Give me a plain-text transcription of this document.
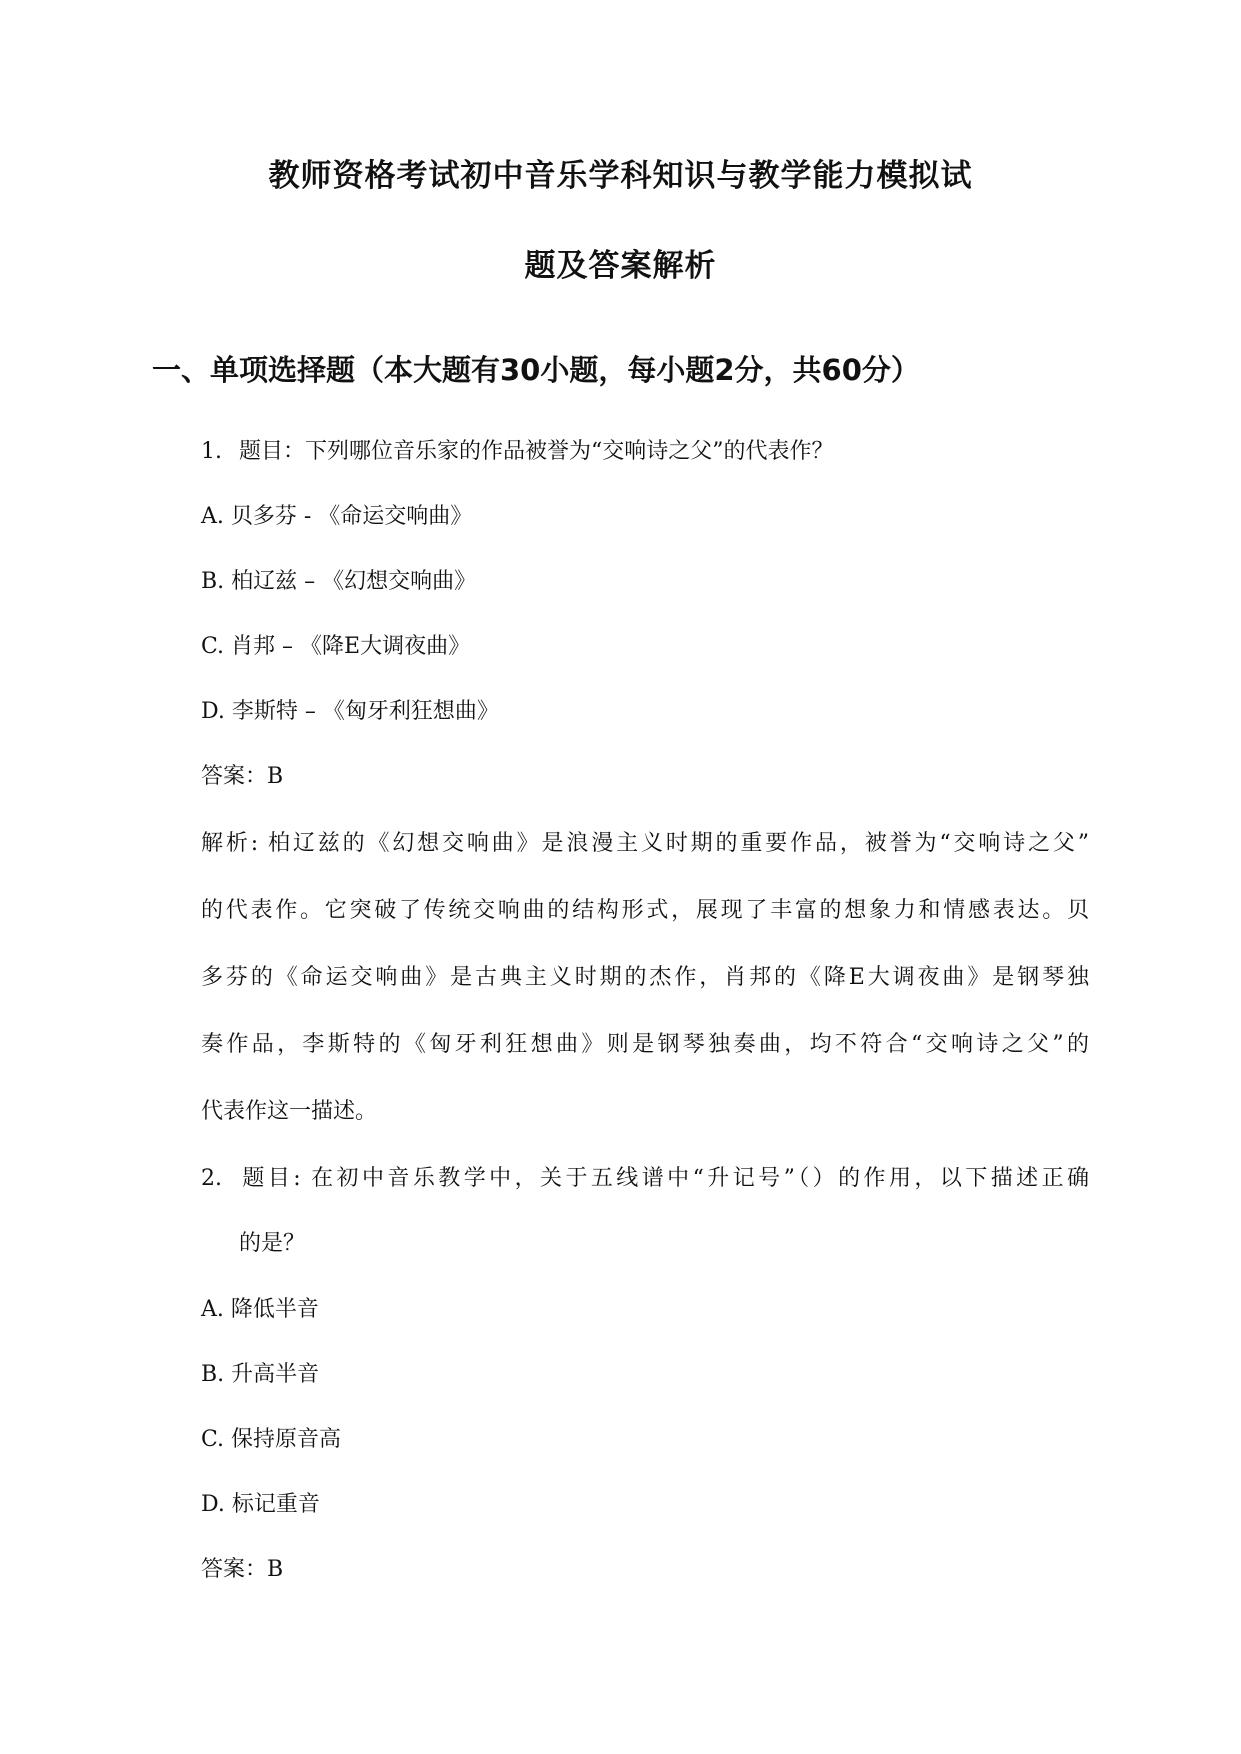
教师资格考试初中音乐学科知识与教学能力模拟试
题及答案解析
一、单项选择题（本大题有30小题，每小题2分，共60分）
1. 题目：下列哪位音乐家的作品被誉为“交响诗之父”的代表作？
A. 贝多芬 - 《命运交响曲》
B. 柏辽兹 – 《幻想交响曲》
C. 肖邦 – 《降E大调夜曲》
D. 李斯特 – 《匈牙利狂想曲》
答案：B
解析: 柏辽兹的《幻想交响曲》是浪漫主义时期的重要作品，被誉为“交响诗之父”
的代表作。它突破了传统交响曲的结构形式，展现了丰富的想象力和情感表达。贝
多芬的《命运交响曲》是古典主义时期的杰作，肖邦的《降E大调夜曲》是钢琴独
奏作品，李斯特的《匈牙利狂想曲》则是钢琴独奏曲，均不符合“交响诗之父”的
代表作这一描述。
2. 题目: 在初中音乐教学中，关于五线谱中“升记号”（）的作用，以下描述正确
的是？
A. 降低半音
B. 升高半音
C. 保持原音高
D. 标记重音
答案：B
